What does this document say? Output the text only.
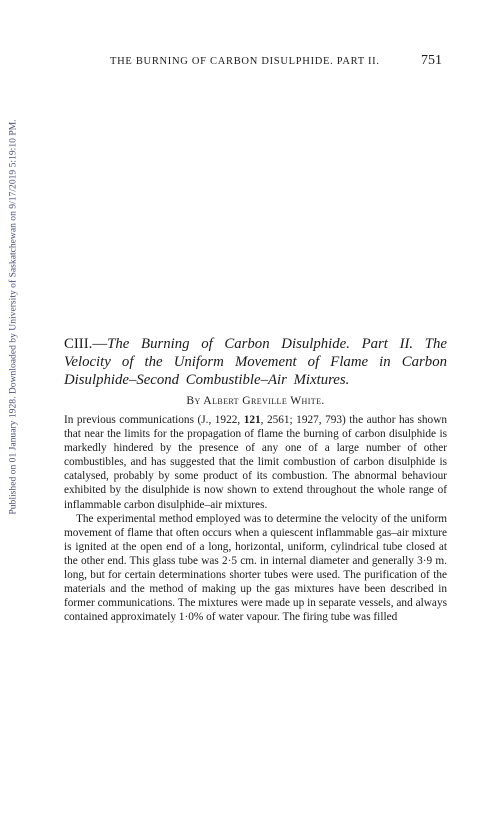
THE BURNING OF CARBON DISULPHIDE. PART II.	751
Published on 01 January 1928. Downloaded by University of Saskatchewan on 9/17/2019 5:19:10 PM.	CIII.—The Burning of Carbon Disulphide. Part II. The Velocity of the Uniform Movement of Flame in Carbon Disulphide–Second Combustible–Air Mixtures.
By Albert Greville White.

In previous communications (J., 1922, 121, 2561; 1927, 793) the author has shown that near the limits for the propagation of flame the burning of carbon disulphide is markedly hindered by the presence of any one of a large number of other combustibles, and has suggested that the limit combustion of carbon disulphide is catalysed, probably by some product of its combustion. The abnormal behaviour exhibited by the disulphide is now shown to extend throughout the whole range of inflammable carbon disulphide–air mixtures.

The experimental method employed was to determine the velocity of the uniform movement of flame that often occurs when a quiescent inflammable gas–air mixture is ignited at the open end of a long, horizontal, uniform, cylindrical tube closed at the other end. This glass tube was 2·5 cm. in internal diameter and generally 3·9 m. long, but for certain determinations shorter tubes were used. The purification of the materials and the method of making up the gas mixtures have been described in former communications. The mixtures were made up in separate vessels, and always contained approximately 1·0% of water vapour. The firing tube was filled
